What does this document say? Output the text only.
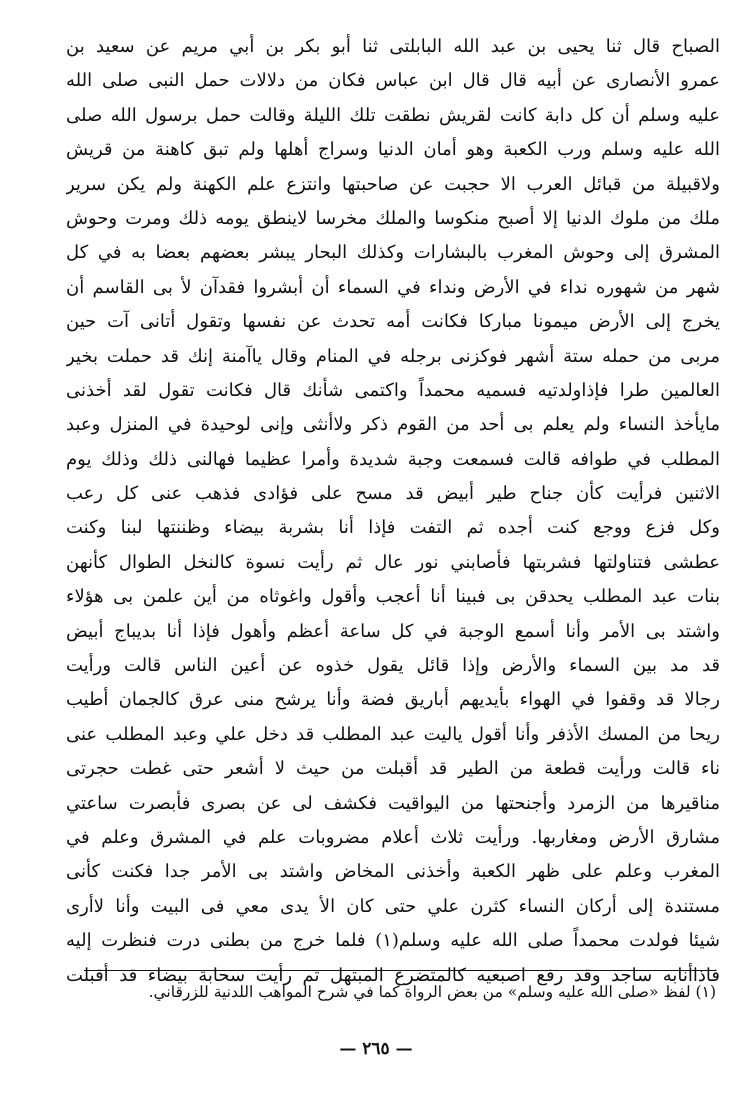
الصباح قال ثنا يحيى بن عبد الله البابلتى ثنا أبو بكر بن أبي مريم عن سعيد بن
عمرو الأنصارى عن أبيه قال قال ابن عباس فكان من دلالات حمل النبى صلى الله
عليه وسلم أن كل دابة كانت لقريش نطقت تلك الليلة وقالت حمل برسول الله صلى
الله عليه وسلم ورب الكعبة وهو أمان الدنيا وسراج أهلها ولم تبق كاهنة من قريش
ولاقبيلة من قبائل العرب الا حجبت عن صاحبتها وانتزع علم الكهنة ولم يكن سرير
ملك من ملوك الدنيا إلا أصبح منكوسا والملك مخرسا لاينطق يومه ذلك ومرت وحوش
المشرق إلى وحوش المغرب بالبشارات وكذلك البحار يبشر بعضهم بعضا به في كل
شهر من شهوره نداء في الأرض ونداء في السماء أن أبشروا فقدآن لأ بى القاسم أن
يخرج إلى الأرض ميمونا مباركا فكانت أمه تحدث عن نفسها وتقول أتانى آت حين
مربى من حمله ستة أشهر فوكزنى برجله في المنام وقال ياآمنة إنك قد حملت بخير
العالمين طرا فإذاولدتيه فسميه محمداً واكتمى شأنك قال فكانت تقول لقد أخذنى
مايأخذ النساء ولم يعلم بى أحد من القوم ذكر ولاأنثى وإنى لوحيدة في المنزل وعبد
المطلب في طوافه قالت فسمعت وجبة شديدة وأمرا عظيما فهالنى ذلك وذلك يوم
الاثنين فرأيت كأن جناح طير أبيض قد مسح على فؤادى فذهب عنى كل رعب
وكل فزع ووجع كنت أجده ثم التفت فإذا أنا بشربة بيضاء وظننتها لبنا وكنت
عطشى فتناولتها فشربتها فأصابني نور عال ثم رأيت نسوة كالنخل الطوال كأنهن
بنات عبد المطلب يحدقن بى فبينا أنا أعجب وأقول واغوثاه من أين علمن بى هؤلاء
واشتد بى الأمر وأنا أسمع الوجبة في كل ساعة أعظم وأهول فإذا أنا بديباج أبيض
قد مد بين السماء والأرض وإذا قائل يقول خذوه عن أعين الناس قالت ورأيت
رجالا قد وقفوا في الهواء بأيديهم أباريق فضة وأنا يرشح منى عرق كالجمان أطيب
ريحا من المسك الأذفر وأنا أقول ياليت عبد المطلب قد دخل علي وعبد المطلب عنى
ناء قالت ورأيت قطعة من الطير قد أقبلت من حيث لا أشعر حتى غطت حجرتى
مناقيرها من الزمرد وأجنحتها من اليواقيت فكشف لى عن بصرى فأبصرت ساعتي
مشارق الأرض ومغاربها. ورأيت ثلاث أعلام مضروبات علم في المشرق وعلم في
المغرب وعلم على ظهر الكعبة وأخذنى المخاض واشتد بى الأمر جدا فكنت كأنى
مستندة إلى أركان النساء كثرن علي حتى كان الأ يدى معي فى البيت وأنا لاأرى
شيئا فولدت محمداً صلى الله عليه وسلم(١) فلما خرج من بطنى درت فنظرت إليه
فاذاأنابه ساجد وقد رفع اصبعيه كالمتضرع المبتهل ثم رأيت سحابة بيضاء قد أقبلت
(١) لفظ «صلى الله عليه وسلم» من بعض الرواة كما في شرح المواهب اللدنية للزرقاني.
— ٢٦٥ —
